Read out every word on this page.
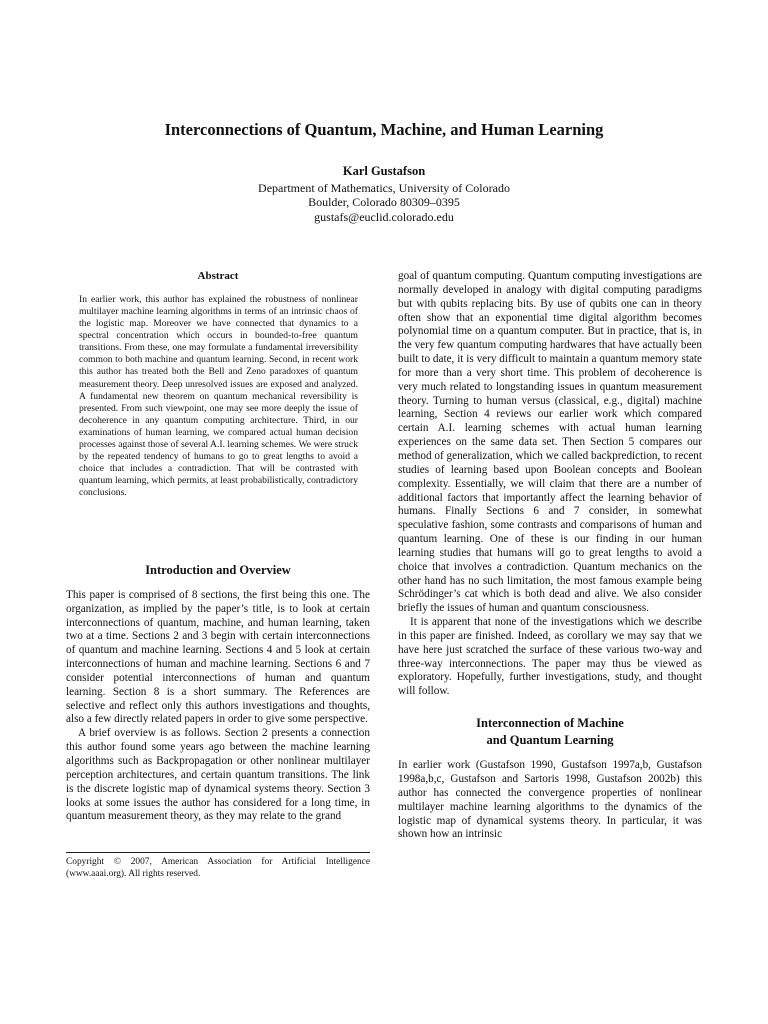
Interconnections of Quantum, Machine, and Human Learning
Karl Gustafson
Department of Mathematics, University of Colorado
Boulder, Colorado 80309–0395
gustafs@euclid.colorado.edu
Abstract

In earlier work, this author has explained the robustness of nonlinear multilayer machine learning algorithms in terms of an intrinsic chaos of the logistic map. Moreover we have connected that dynamics to a spectral concentration which occurs in bounded-to-free quantum transitions. From these, one may formulate a fundamental irreversibility common to both machine and quantum learning. Second, in recent work this author has treated both the Bell and Zeno paradoxes of quantum measurement theory. Deep unresolved issues are exposed and analyzed. A fundamental new theorem on quantum mechanical reversibility is presented. From such viewpoint, one may see more deeply the issue of decoherence in any quantum computing architecture. Third, in our examinations of human learning, we compared actual human decision processes against those of several A.I. learning schemes. We were struck by the repeated tendency of humans to go to great lengths to avoid a choice that includes a contradiction. That will be contrasted with quantum learning, which permits, at least probabilistically, contradictory conclusions.

Introduction and Overview

This paper is comprised of 8 sections, the first being this one. The organization, as implied by the paper’s title, is to look at certain interconnections of quantum, machine, and human learning, taken two at a time. Sections 2 and 3 begin with certain interconnections of quantum and machine learning. Sections 4 and 5 look at certain interconnections of human and machine learning. Sections 6 and 7 consider potential interconnections of human and quantum learning. Section 8 is a short summary. The References are selective and reflect only this authors investigations and thoughts, also a few directly related papers in order to give some perspective.

A brief overview is as follows. Section 2 presents a connection this author found some years ago between the machine learning algorithms such as Backpropagation or other nonlinear multilayer perception architectures, and certain quantum transitions. The link is the discrete logistic map of dynamical systems theory. Section 3 looks at some issues the author has considered for a long time, in quantum measurement theory, as they may relate to the grand

Copyright © 2007, American Association for Artificial Intelligence (www.aaai.org). All rights reserved.

goal of quantum computing. Quantum computing investigations are normally developed in analogy with digital computing paradigms but with qubits replacing bits. By use of qubits one can in theory often show that an exponential time digital algorithm becomes polynomial time on a quantum computer. But in practice, that is, in the very few quantum computing hardwares that have actually been built to date, it is very difficult to maintain a quantum memory state for more than a very short time. This problem of decoherence is very much related to longstanding issues in quantum measurement theory. Turning to human versus (classical, e.g., digital) machine learning, Section 4 reviews our earlier work which compared certain A.I. learning schemes with actual human learning experiences on the same data set. Then Section 5 compares our method of generalization, which we called backprediction, to recent studies of learning based upon Boolean concepts and Boolean complexity. Essentially, we will claim that there are a number of additional factors that importantly affect the learning behavior of humans. Finally Sections 6 and 7 consider, in somewhat speculative fashion, some contrasts and comparisons of human and quantum learning. One of these is our finding in our human learning studies that humans will go to great lengths to avoid a choice that involves a contradiction. Quantum mechanics on the other hand has no such limitation, the most famous example being Schrödinger’s cat which is both dead and alive. We also consider briefly the issues of human and quantum consciousness.

It is apparent that none of the investigations which we describe in this paper are finished. Indeed, as corollary we may say that we have here just scratched the surface of these various two-way and three-way interconnections. The paper may thus be viewed as exploratory. Hopefully, further investigations, study, and thought will follow.

Interconnection of Machine
and Quantum Learning

In earlier work (Gustafson 1990, Gustafson 1997a,b, Gustafson 1998a,b,c, Gustafson and Sartoris 1998, Gustafson 2002b) this author has connected the convergence properties of nonlinear multilayer machine learning algorithms to the dynamics of the logistic map of dynamical systems theory. In particular, it was shown how an intrinsic
